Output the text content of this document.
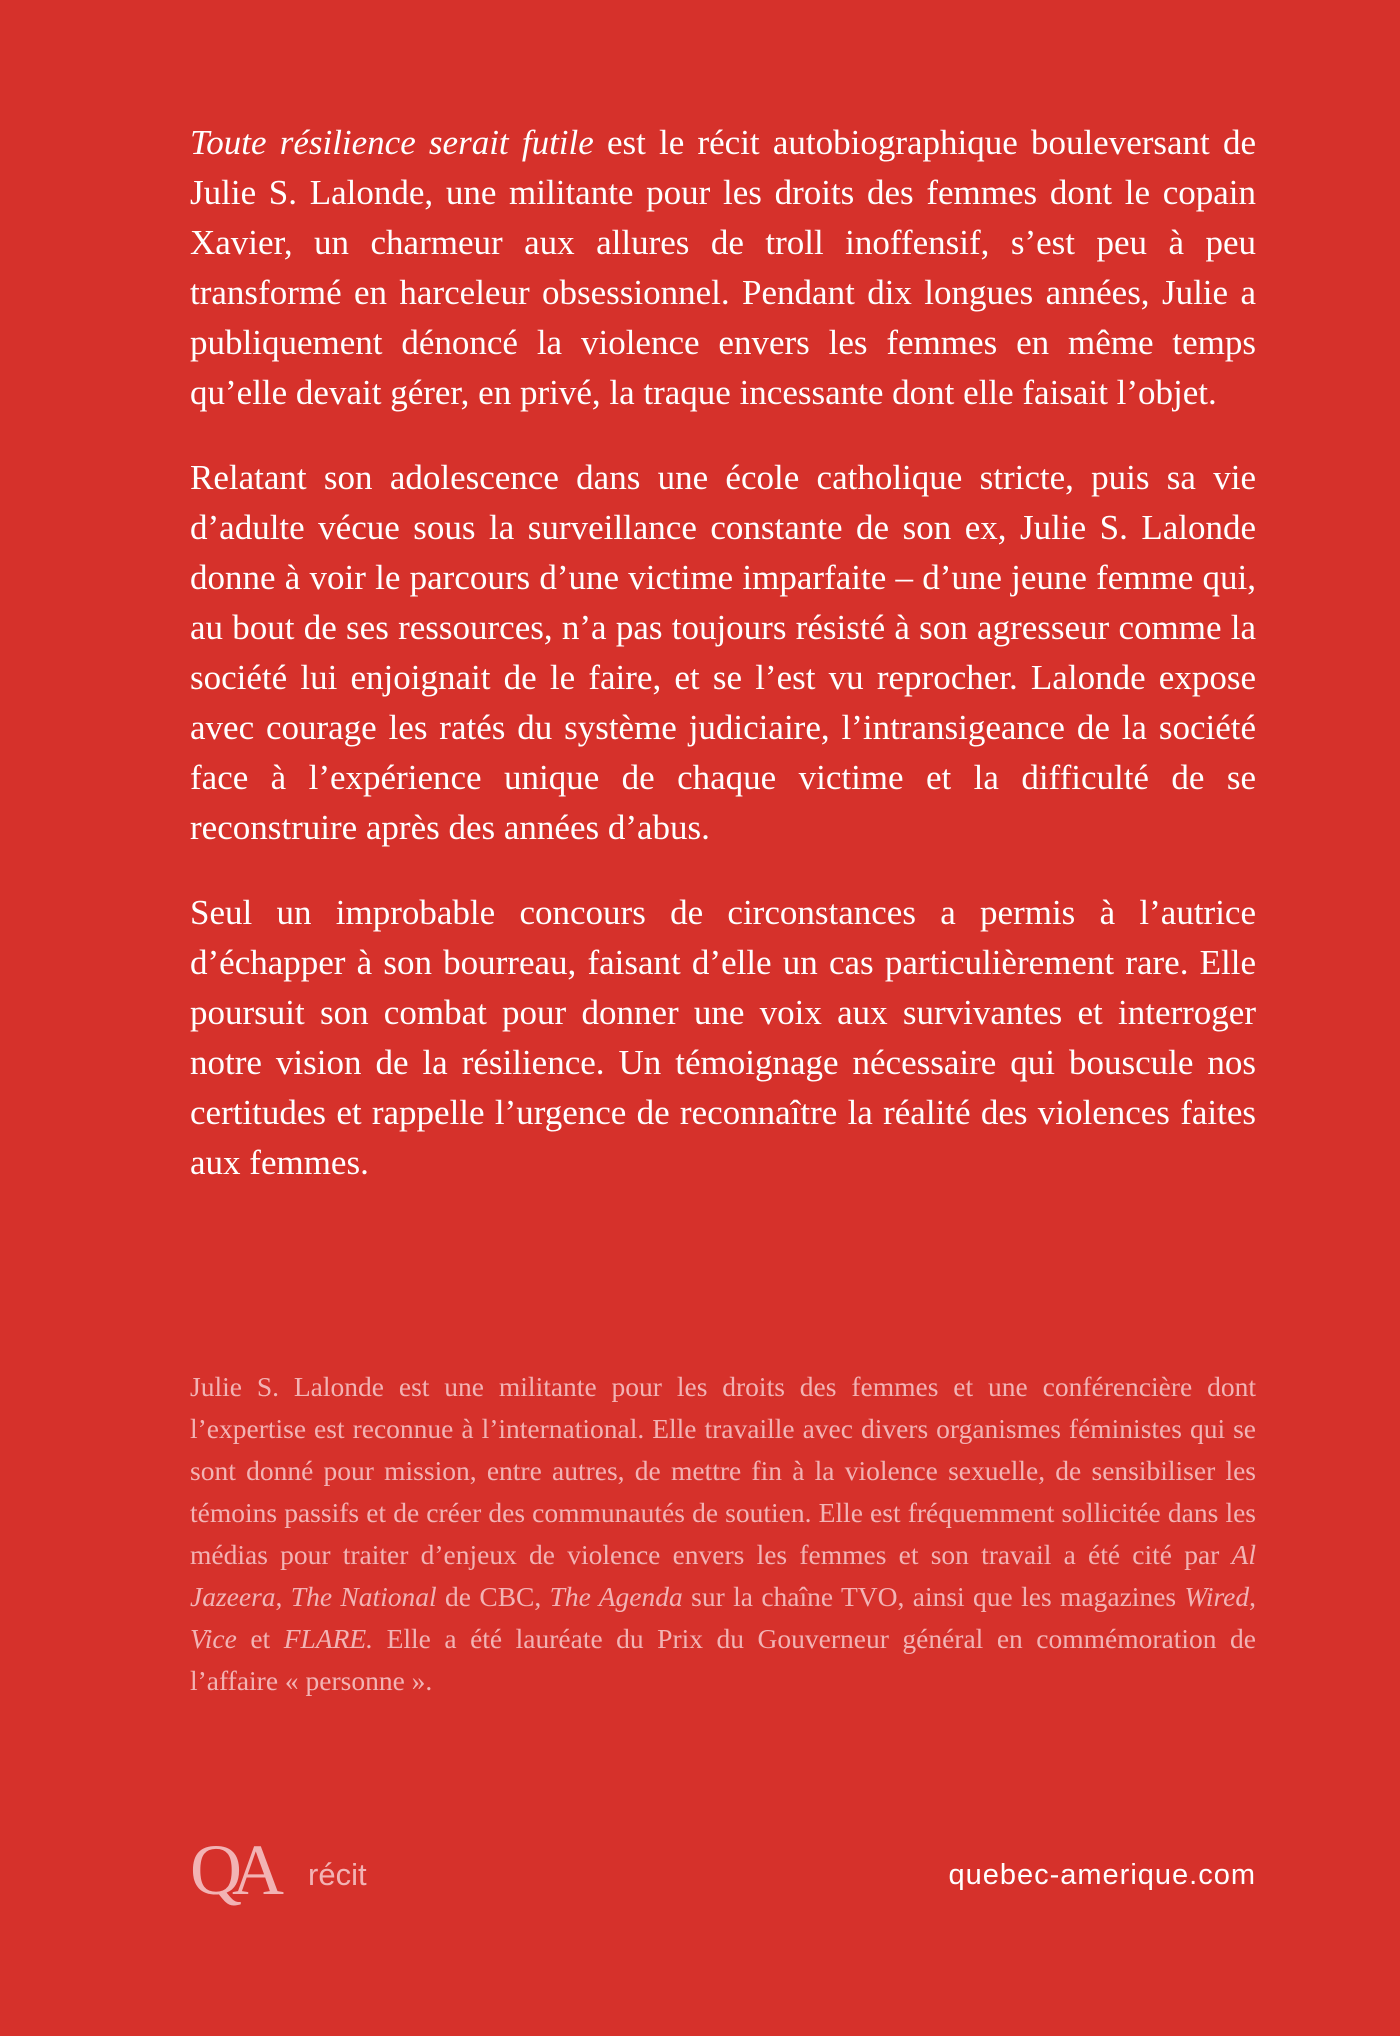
Toute résilience serait futile est le récit autobiographique bouleversant de Julie S. Lalonde, une militante pour les droits des femmes dont le copain Xavier, un charmeur aux allures de troll inoffensif, s’est peu à peu transformé en harceleur obsessionnel. Pendant dix longues années, Julie a publiquement dénoncé la violence envers les femmes en même temps qu’elle devait gérer, en privé, la traque incessante dont elle faisait l’objet.

Relatant son adolescence dans une école catholique stricte, puis sa vie d’adulte vécue sous la surveillance constante de son ex, Julie S. Lalonde donne à voir le parcours d’une victime imparfaite – d’une jeune femme qui, au bout de ses ressources, n’a pas toujours résisté à son agresseur comme la société lui enjoignait de le faire, et se l’est vu reprocher. Lalonde expose avec courage les ratés du système judiciaire, l’intransigeance de la société face à l’expérience unique de chaque victime et la difficulté de se reconstruire après des années d’abus.

Seul un improbable concours de circonstances a permis à l’autrice d’échapper à son bourreau, faisant d’elle un cas particulièrement rare. Elle poursuit son combat pour donner une voix aux survivantes et interroger notre vision de la résilience. Un témoignage nécessaire qui bouscule nos certitudes et rappelle l’urgence de reconnaître la réalité des violences faites aux femmes.

Julie S. Lalonde est une militante pour les droits des femmes et une conférencière dont l’expertise est reconnue à l’international. Elle travaille avec divers organismes féministes qui se sont donné pour mission, entre autres, de mettre fin à la violence sexuelle, de sensibiliser les témoins passifs et de créer des communautés de soutien. Elle est fréquemment sollicitée dans les médias pour traiter d’enjeux de violence envers les femmes et son travail a été cité par Al Jazeera, The National de CBC, The Agenda sur la chaîne TVO, ainsi que les magazines Wired, Vice et FLARE. Elle a été lauréate du Prix du Gouverneur général en commémoration de l’affaire « personne ».

QA récit	quebec-amerique.com
